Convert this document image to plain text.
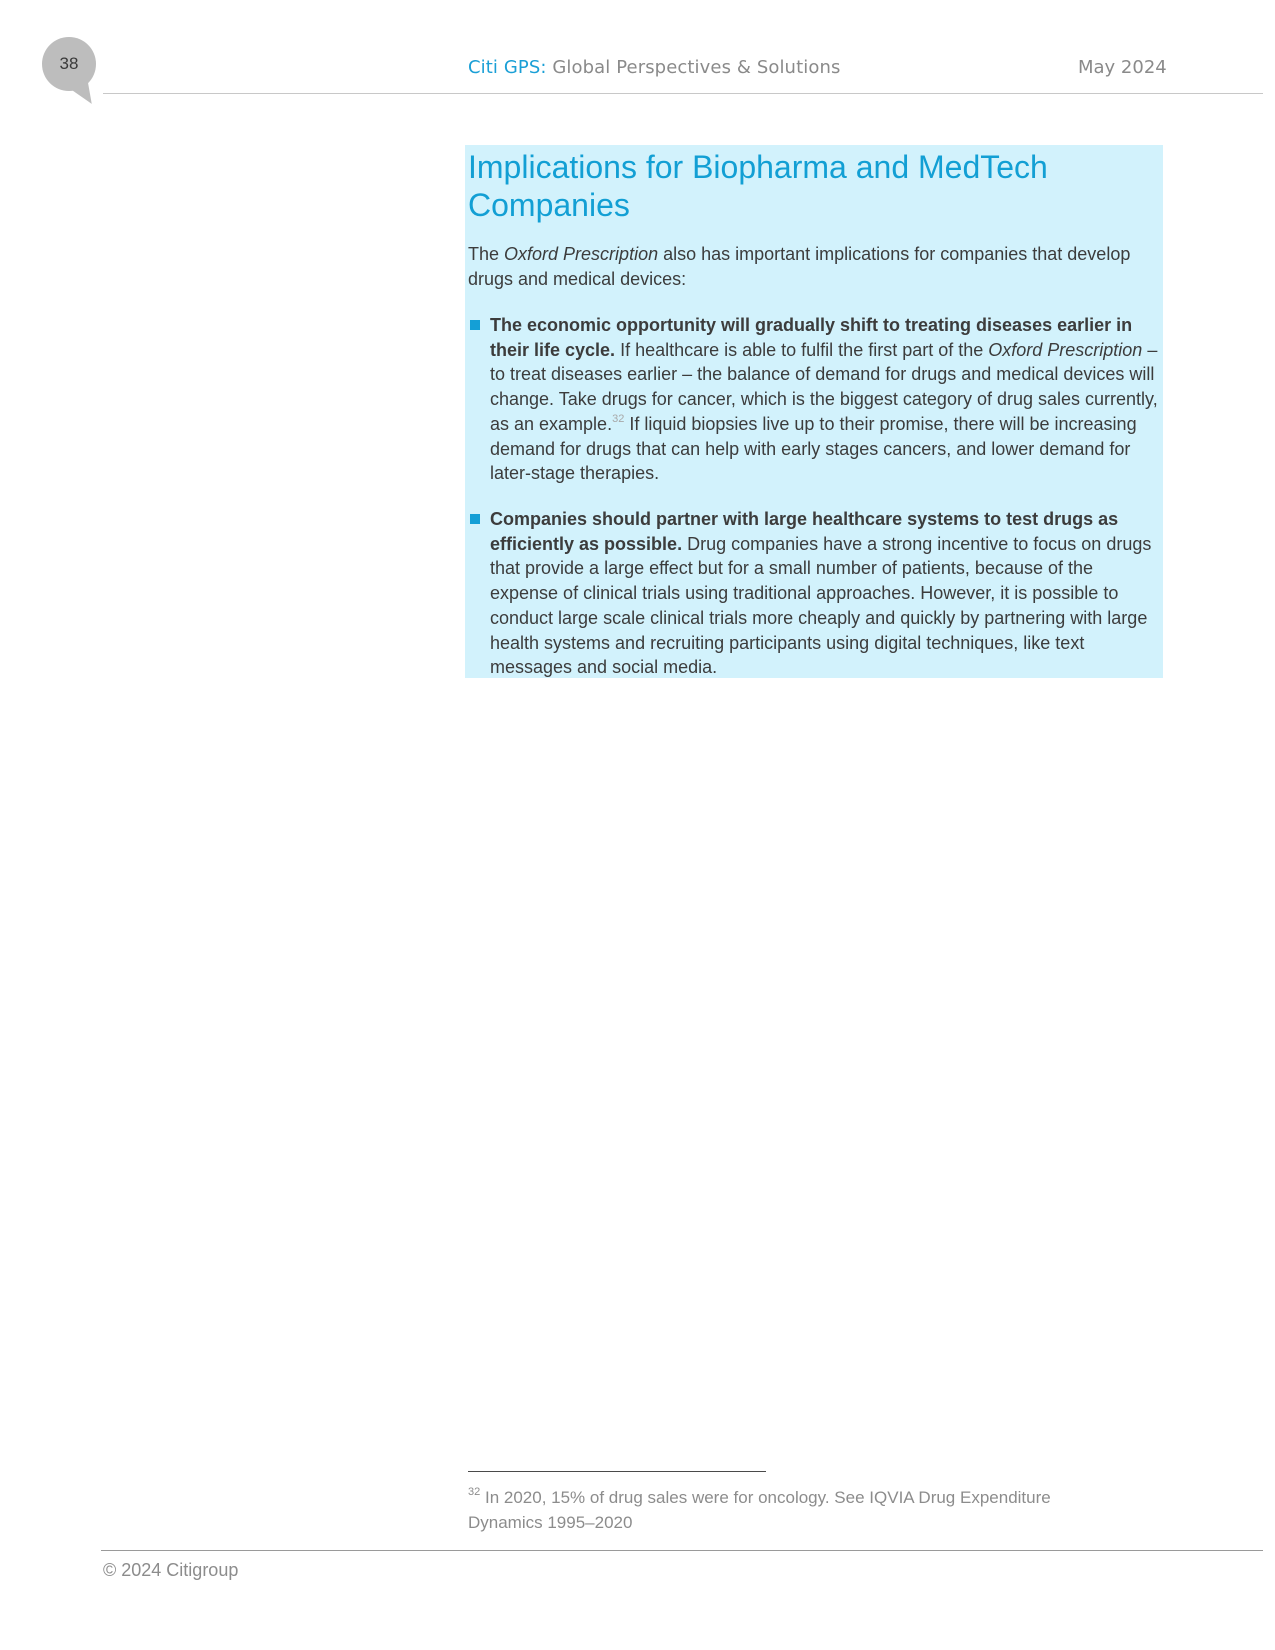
38	Citi GPS: Global Perspectives & Solutions	May 2024
Implications for Biopharma and MedTech Companies

The Oxford Prescription also has important implications for companies that develop drugs and medical devices:

The economic opportunity will gradually shift to treating diseases earlier in their life cycle. If healthcare is able to fulfil the first part of the Oxford Prescription – to treat diseases earlier – the balance of demand for drugs and medical devices will change. Take drugs for cancer, which is the biggest category of drug sales currently, as an example.$^{32}$ If liquid biopsies live up to their promise, there will be increasing demand for drugs that can help with early stages cancers, and lower demand for later-stage therapies.

Companies should partner with large healthcare systems to test drugs as efficiently as possible. Drug companies have a strong incentive to focus on drugs that provide a large effect but for a small number of patients, because of the expense of clinical trials using traditional approaches. However, it is possible to conduct large scale clinical trials more cheaply and quickly by partnering with large health systems and recruiting participants using digital techniques, like text messages and social media.

$^{32}$ In 2020, 15% of drug sales were for oncology. See IQVIA Drug Expenditure Dynamics 1995–2020

© 2024 Citigroup
